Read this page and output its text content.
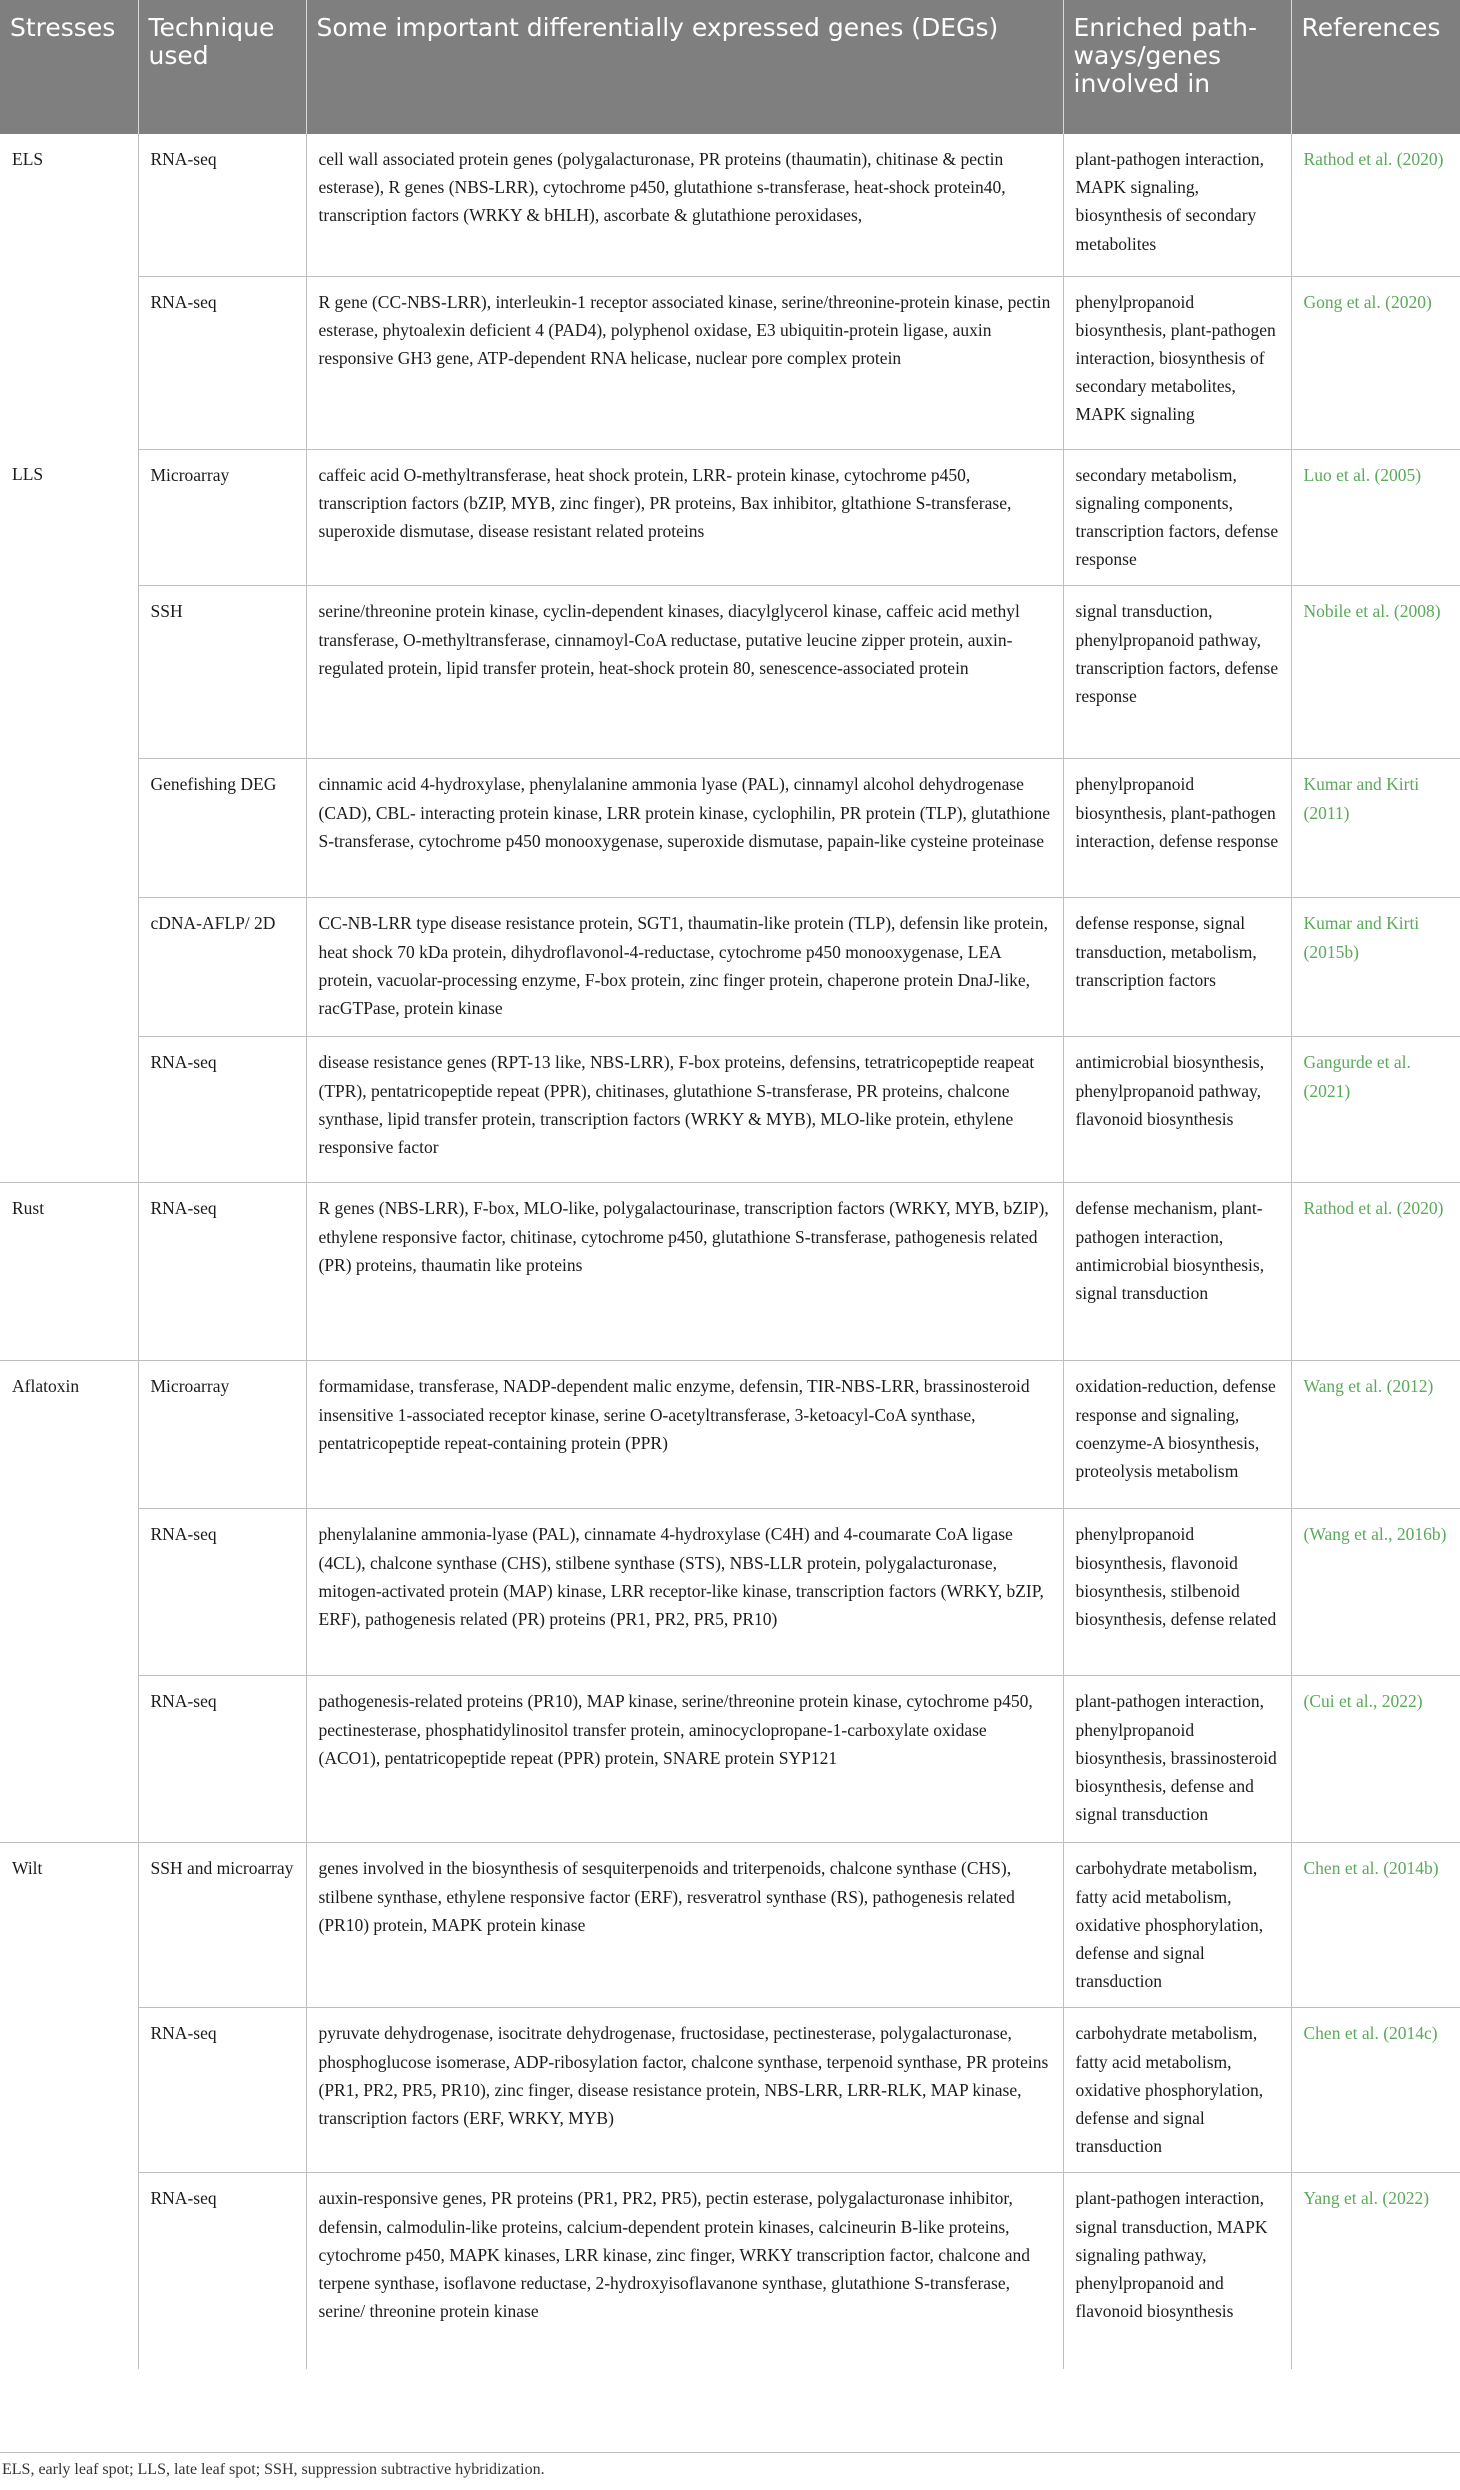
Stresses	Technique used	Some important differentially expressed genes (DEGs)	Enriched path-ways/genes involved in	References
ELS	RNA-seq	cell wall associated protein genes (polygalacturonase, PR proteins (thaumatin), chitinase & pectin esterase), R genes (NBS-LRR), cytochrome p450, glutathione s-transferase, heat-shock protein40, transcription factors (WRKY & bHLH), ascorbate & glutathione peroxidases,	plant-pathogen interaction, MAPK signaling, biosynthesis of secondary metabolites	Rathod et al. (2020)
	RNA-seq	R gene (CC-NBS-LRR), interleukin-1 receptor associated kinase, serine/threonine-protein kinase, pectin esterase, phytoalexin deficient 4 (PAD4), polyphenol oxidase, E3 ubiquitin-protein ligase, auxin responsive GH3 gene, ATP-dependent RNA helicase, nuclear pore complex protein	phenylpropanoid biosynthesis, plant-pathogen interaction, biosynthesis of secondary metabolites, MAPK signaling	Gong et al. (2020)
LLS	Microarray	caffeic acid O-methyltransferase, heat shock protein, LRR- protein kinase, cytochrome p450, transcription factors (bZIP, MYB, zinc finger), PR proteins, Bax inhibitor, gltathione S-transferase, superoxide dismutase, disease resistant related proteins	secondary metabolism, signaling components, transcription factors, defense response	Luo et al. (2005)
	SSH	serine/threonine protein kinase, cyclin-dependent kinases, diacylglycerol kinase, caffeic acid methyl transferase, O-methyltransferase, cinnamoyl-CoA reductase, putative leucine zipper protein, auxin-regulated protein, lipid transfer protein, heat-shock protein 80, senescence-associated protein	signal transduction, phenylpropanoid pathway, transcription factors, defense response	Nobile et al. (2008)
	Genefishing DEG	cinnamic acid 4-hydroxylase, phenylalanine ammonia lyase (PAL), cinnamyl alcohol dehydrogenase (CAD), CBL- interacting protein kinase, LRR protein kinase, cyclophilin, PR protein (TLP), glutathione S-transferase, cytochrome p450 monooxygenase, superoxide dismutase, papain-like cysteine proteinase	phenylpropanoid biosynthesis, plant-pathogen interaction, defense response	Kumar and Kirti (2011)
	cDNA-AFLP/ 2D	CC-NB-LRR type disease resistance protein, SGT1, thaumatin-like protein (TLP), defensin like protein, heat shock 70 kDa protein, dihydroflavonol-4-reductase, cytochrome p450 monooxygenase, LEA protein, vacuolar-processing enzyme, F-box protein, zinc finger protein, chaperone protein DnaJ-like, racGTPase, protein kinase	defense response, signal transduction, metabolism, transcription factors	Kumar and Kirti (2015b)
	RNA-seq	disease resistance genes (RPT-13 like, NBS-LRR), F-box proteins, defensins, tetratricopeptide reapeat (TPR), pentatricopeptide repeat (PPR), chitinases, glutathione S-transferase, PR proteins, chalcone synthase, lipid transfer protein, transcription factors (WRKY & MYB), MLO-like protein, ethylene responsive factor	antimicrobial biosynthesis, phenylpropanoid pathway, flavonoid biosynthesis	Gangurde et al. (2021)
Rust	RNA-seq	R genes (NBS-LRR), F-box, MLO-like, polygalactourinase, transcription factors (WRKY, MYB, bZIP), ethylene responsive factor, chitinase, cytochrome p450, glutathione S-transferase, pathogenesis related (PR) proteins, thaumatin like proteins	defense mechanism, plant-pathogen interaction, antimicrobial biosynthesis, signal transduction	Rathod et al. (2020)
Aflatoxin	Microarray	formamidase, transferase, NADP-dependent malic enzyme, defensin, TIR-NBS-LRR, brassinosteroid insensitive 1-associated receptor kinase, serine O-acetyltransferase, 3-ketoacyl-CoA synthase, pentatricopeptide repeat-containing protein (PPR)	oxidation-reduction, defense response and signaling, coenzyme-A biosynthesis, proteolysis metabolism	Wang et al. (2012)
	RNA-seq	phenylalanine ammonia-lyase (PAL), cinnamate 4-hydroxylase (C4H) and 4-coumarate CoA ligase (4CL), chalcone synthase (CHS), stilbene synthase (STS), NBS-LLR protein, polygalacturonase, mitogen-activated protein (MAP) kinase, LRR receptor-like kinase, transcription factors (WRKY, bZIP, ERF), pathogenesis related (PR) proteins (PR1, PR2, PR5, PR10)	phenylpropanoid biosynthesis, flavonoid biosynthesis, stilbenoid biosynthesis, defense related	(Wang et al., 2016b)
	RNA-seq	pathogenesis-related proteins (PR10), MAP kinase, serine/threonine protein kinase, cytochrome p450, pectinesterase, phosphatidylinositol transfer protein, aminocyclopropane-1-carboxylate oxidase (ACO1), pentatricopeptide repeat (PPR) protein, SNARE protein SYP121	plant-pathogen interaction, phenylpropanoid biosynthesis, brassinosteroid biosynthesis, defense and signal transduction	(Cui et al., 2022)
Wilt	SSH and microarray	genes involved in the biosynthesis of sesquiterpenoids and triterpenoids, chalcone synthase (CHS), stilbene synthase, ethylene responsive factor (ERF), resveratrol synthase (RS), pathogenesis related (PR10) protein, MAPK protein kinase	carbohydrate metabolism, fatty acid metabolism, oxidative phosphorylation, defense and signal transduction	Chen et al. (2014b)
	RNA-seq	pyruvate dehydrogenase, isocitrate dehydrogenase, fructosidase, pectinesterase, polygalacturonase, phosphoglucose isomerase, ADP-ribosylation factor, chalcone synthase, terpenoid synthase, PR proteins (PR1, PR2, PR5, PR10), zinc finger, disease resistance protein, NBS-LRR, LRR-RLK, MAP kinase, transcription factors (ERF, WRKY, MYB)	carbohydrate metabolism, fatty acid metabolism, oxidative phosphorylation, defense and signal transduction	Chen et al. (2014c)
	RNA-seq	auxin-responsive genes, PR proteins (PR1, PR2, PR5), pectin esterase, polygalacturonase inhibitor, defensin, calmodulin-like proteins, calcium-dependent protein kinases, calcineurin B-like proteins, cytochrome p450, MAPK kinases, LRR kinase, zinc finger, WRKY transcription factor, chalcone and terpene synthase, isoflavone reductase, 2-hydroxyisoflavanone synthase, glutathione S-transferase, serine/ threonine protein kinase	plant-pathogen interaction, signal transduction, MAPK signaling pathway, phenylpropanoid and flavonoid biosynthesis	Yang et al. (2022)
ELS, early leaf spot; LLS, late leaf spot; SSH, suppression subtractive hybridization.
